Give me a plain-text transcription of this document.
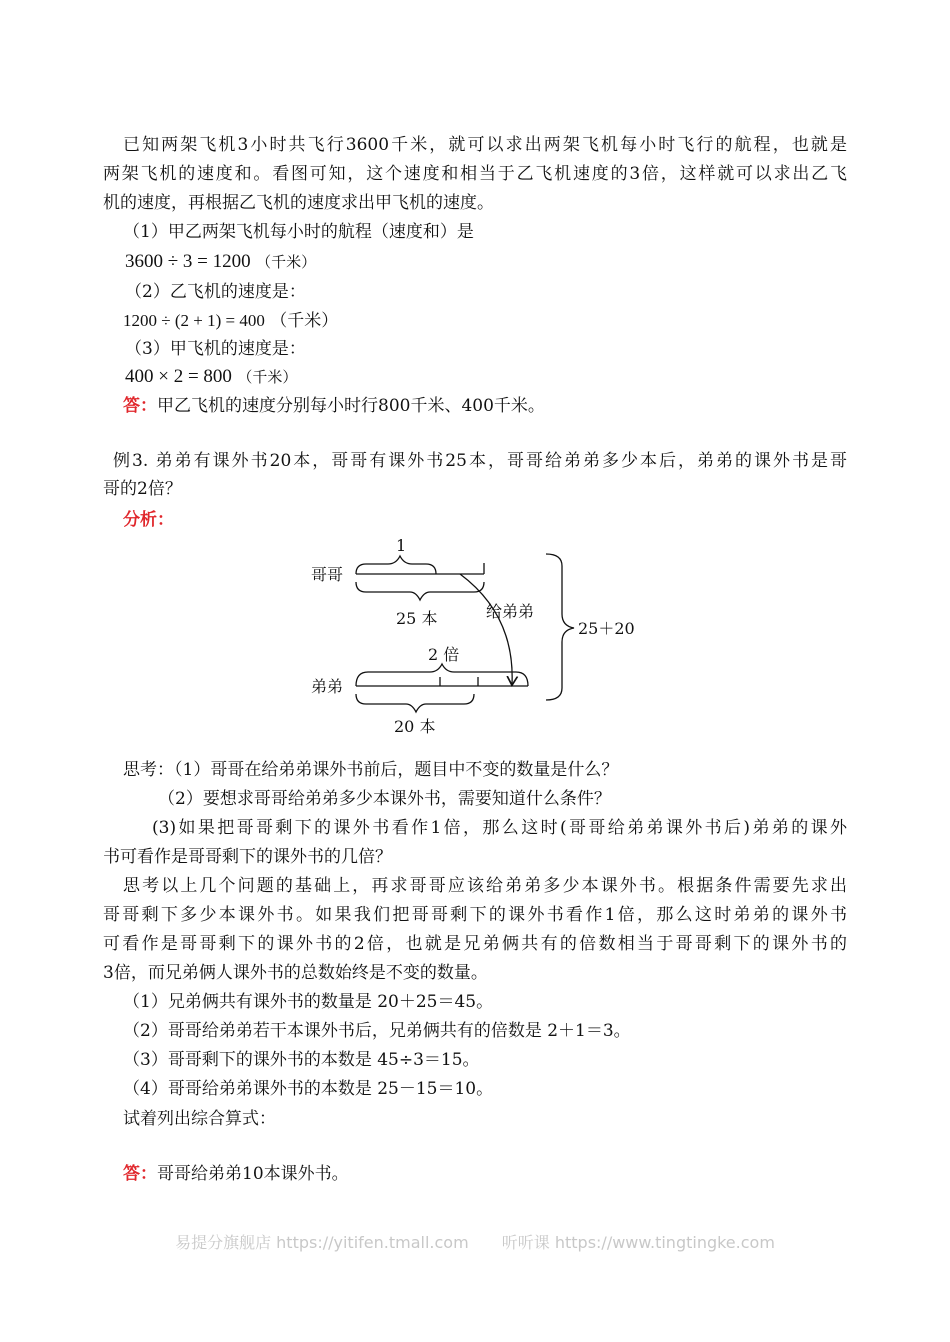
已知两架飞机3小时共飞行3600千米，就可以求出两架飞机每小时飞行的航程，也就是
两架飞机的速度和。看图可知，这个速度和相当于乙飞机速度的3倍，这样就可以求出乙飞
机的速度，再根据乙飞机的速度求出甲飞机的速度。
（1）甲乙两架飞机每小时的航程（速度和）是
3600 ÷ 3 = 1200 （千米）
（2）乙飞机的速度是：
1200 ÷ (2 + 1) = 400 （千米）
（3）甲飞机的速度是：
400 × 2 = 800 （千米）
答：甲乙飞机的速度分别每小时行800千米、400千米。
例3. 弟弟有课外书20本，哥哥有课外书25本，哥哥给弟弟多少本后，弟弟的课外书是哥
哥的2倍？
分析：
1
哥哥
25 本	给弟弟
25＋20
2 倍
弟弟
20 本
思考：（1）哥哥在给弟弟课外书前后，题目中不变的数量是什么？
（2）要想求哥哥给弟弟多少本课外书，需要知道什么条件？
(3)如果把哥哥剩下的课外书看作1倍，那么这时(哥哥给弟弟课外书后)弟弟的课外
书可看作是哥哥剩下的课外书的几倍？
思考以上几个问题的基础上，再求哥哥应该给弟弟多少本课外书。根据条件需要先求出
哥哥剩下多少本课外书。如果我们把哥哥剩下的课外书看作1倍，那么这时弟弟的课外书
可看作是哥哥剩下的课外书的2倍，也就是兄弟俩共有的倍数相当于哥哥剩下的课外书的
3倍，而兄弟俩人课外书的总数始终是不变的数量。
（1）兄弟俩共有课外书的数量是 20＋25＝45。
（2）哥哥给弟弟若干本课外书后，兄弟俩共有的倍数是 2＋1＝3。
（3）哥哥剩下的课外书的本数是 45÷3＝15。
（4）哥哥给弟弟课外书的本数是 25－15＝10。
试着列出综合算式：
答：哥哥给弟弟10本课外书。
易提分旗舰店 https://yitifen.tmall.com 听听课 https://www.tingtingke.com
